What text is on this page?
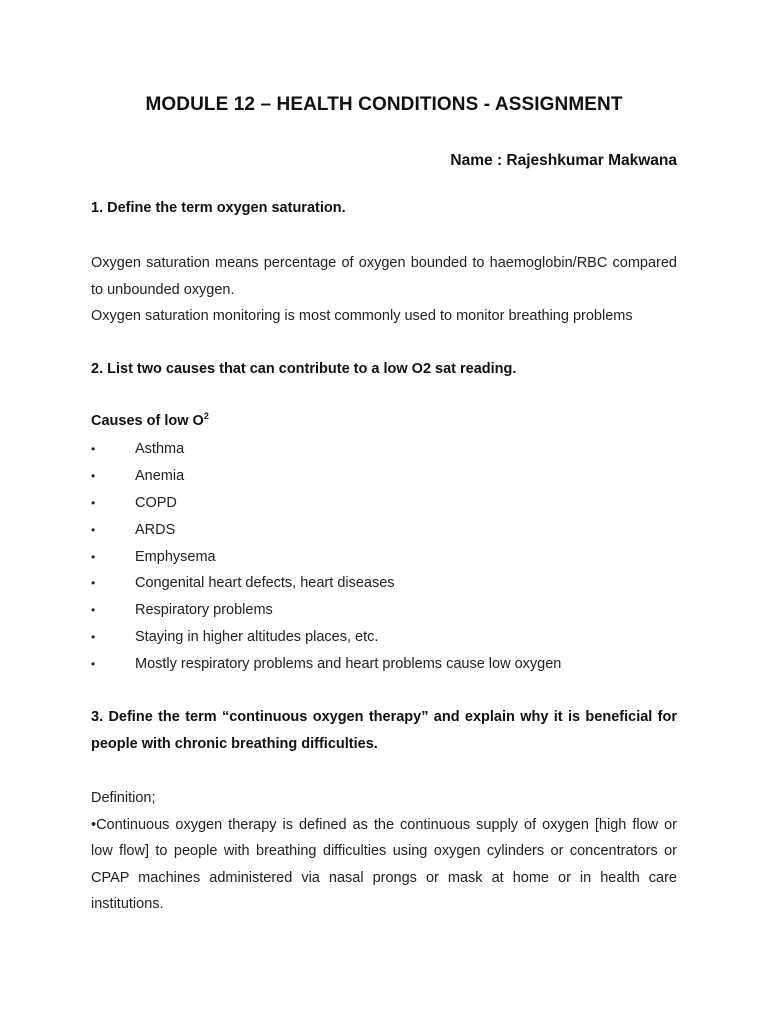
MODULE 12 – HEALTH CONDITIONS - ASSIGNMENT
Name : Rajeshkumar Makwana
1. Define the term oxygen saturation.

Oxygen saturation means percentage of oxygen bounded to haemoglobin/RBC compared to unbounded oxygen.

Oxygen saturation monitoring is most commonly used to monitor breathing problems

2. List two causes that can contribute to a low O2 sat reading.
Causes of low $O^2$
•	Asthma
•	Anemia
•	COPD
•	ARDS
•	Emphysema
•	Congenital heart defects, heart diseases
•	Respiratory problems
•	Staying in higher altitudes places, etc.
•	Mostly respiratory problems and heart problems cause low oxygen
3. Define the term “continuous oxygen therapy” and explain why it is beneficial for people with chronic breathing difficulties.

Definition;

•Continuous oxygen therapy is defined as the continuous supply of oxygen [high flow or low flow] to people with breathing difficulties using oxygen cylinders or concentrators or CPAP machines administered via nasal prongs or mask at home or in health care institutions.
